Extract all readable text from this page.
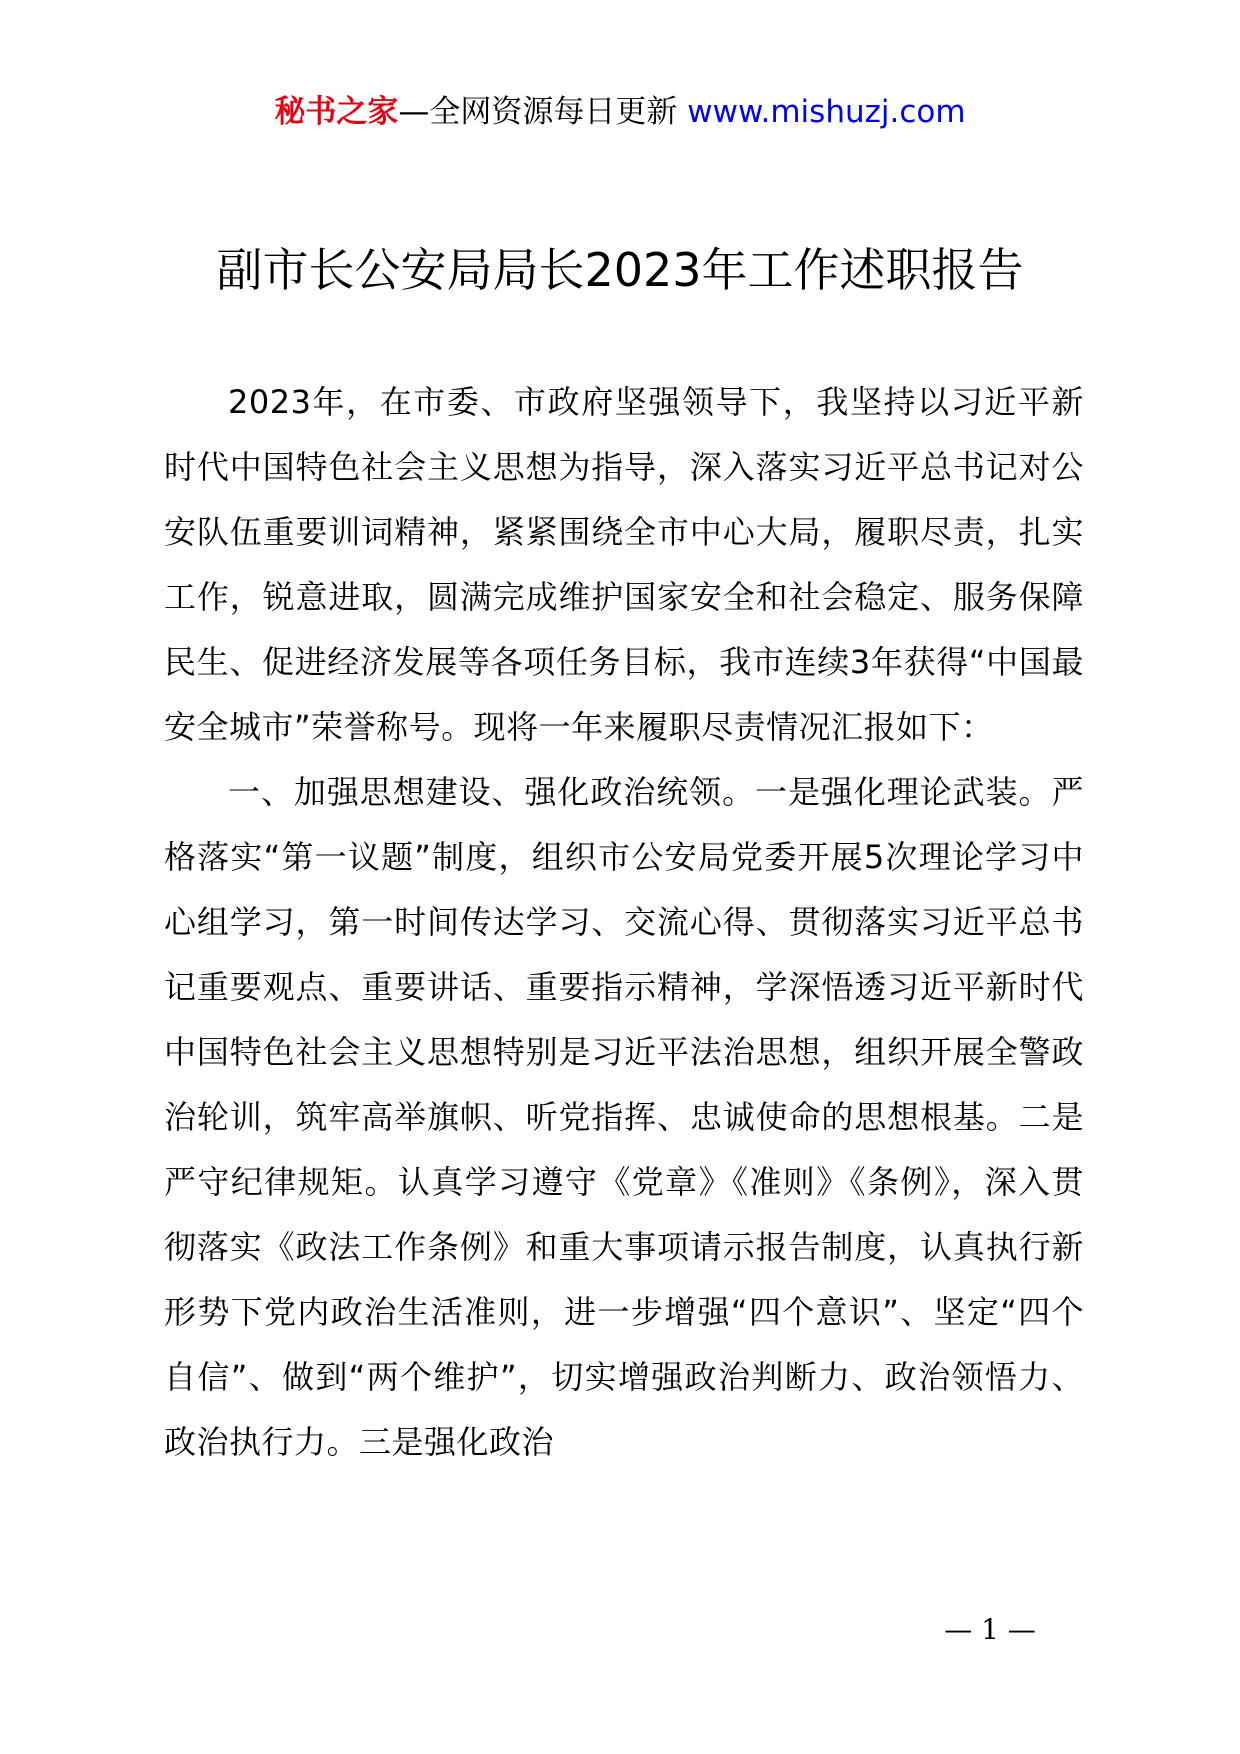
秘书之家—全网资源每日更新 www.mishuzj.com
副市长公安局局长2023年工作述职报告

2023年，在市委、市政府坚强领导下，我坚持以习近平新时代中国特色社会主义思想为指导，深入落实习近平总书记对公安队伍重要训词精神，紧紧围绕全市中心大局，履职尽责，扎实工作，锐意进取，圆满完成维护国家安全和社会稳定、服务保障民生、促进经济发展等各项任务目标，我市连续3年获得“中国最安全城市”荣誉称号。现将一年来履职尽责情况汇报如下：

一、加强思想建设、强化政治统领。一是强化理论武装。严格落实“第一议题”制度，组织市公安局党委开展5次理论学习中心组学习，第一时间传达学习、交流心得、贯彻落实习近平总书记重要观点、重要讲话、重要指示精神，学深悟透习近平新时代中国特色社会主义思想特别是习近平法治思想，组织开展全警政治轮训，筑牢高举旗帜、听党指挥、忠诚使命的思想根基。二是严守纪律规矩。认真学习遵守《党章》《准则》《条例》，深入贯彻落实《政法工作条例》和重大事项请示报告制度，认真执行新形势下党内政治生活准则，进一步增强“四个意识”、坚定“四个自信”、做到“两个维护”，切实增强政治判断力、政治领悟力、政治执行力。三是强化政治

— 1 —
